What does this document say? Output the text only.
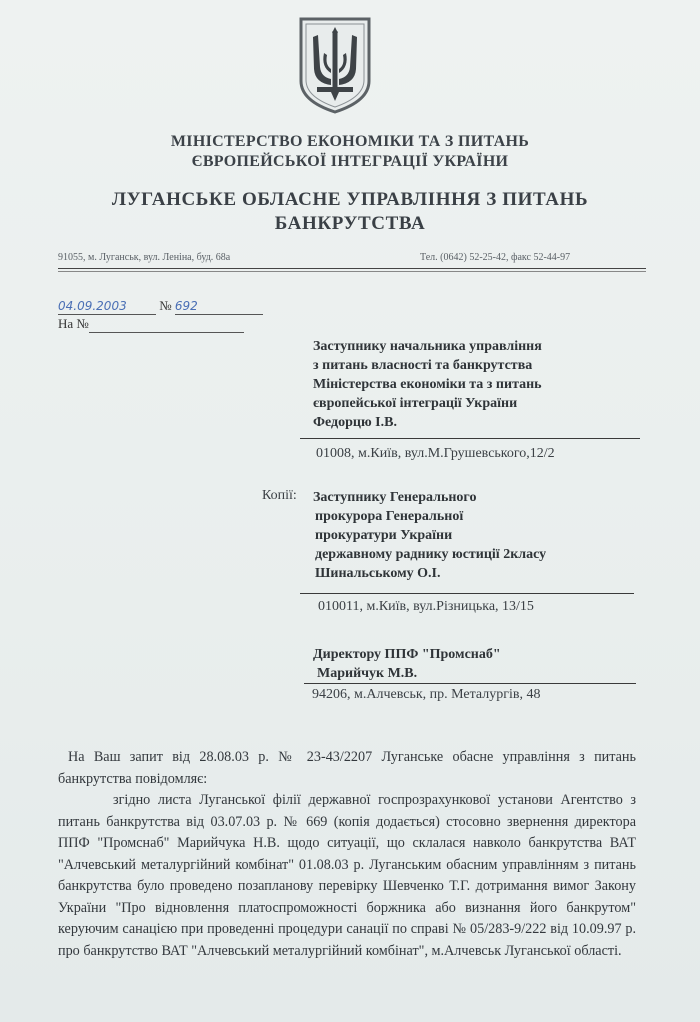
МІНІСТЕРСТВО ЕКОНОМІКИ ТА З ПИТАНЬ
ЄВРОПЕЙСЬКОЇ ІНТЕГРАЦІЇ УКРАЇНИ
ЛУГАНСЬКЕ ОБЛАСНЕ УПРАВЛІННЯ З ПИТАНЬ
БАНКРУТСТВА
91055, м. Луганськ, вул. Леніна, буд. 68а	Тел. (0642) 52-25-42, факс 52-44-97
04.09.2003	№ 692
На №
Заступнику начальника управління
з питань власності та банкрутства
Міністерства економіки та з питань
європейської інтеграції України
Федорцю І.В.
01008, м.Київ, вул.М.Грушевського,12/2
Копії: Заступнику Генерального
прокурора Генеральної
прокуратури України
державному раднику юстиції 2класу
Шинальському О.І.
010011, м.Київ, вул.Різницька, 13/15
Директору ППФ "Промснаб"
Марийчук М.В.
94206, м.Алчевськ, пр. Металургів, 48

На Ваш запит від 28.08.03 р. № 23-43/2207 Луганське обасне управління з питань банкрутства повідомляє:

згідно листа Луганської філії державної госпрозрахункової установи Агентство з питань банкрутства від 03.07.03 р. № 669 (копія додається) стосовно звернення директора ППФ "Промснаб" Марийчука Н.В. щодо ситуації, що склалася навколо банкрутства ВАТ "Алчевський металургійний комбінат" 01.08.03 р. Луганським обасним управлінням з питань банкрутства було проведено позапланову перевірку Шевченко Т.Г. дотримання вимог Закону України "Про відновлення платоспроможності боржника або визнання його банкрутом" керуючим санацією при проведенні процедури санації по справі № 05/283-9/222 від 10.09.97 р. про банкрутство ВАТ "Алчевський металургійний комбінат", м.Алчевськ Луганської області.
